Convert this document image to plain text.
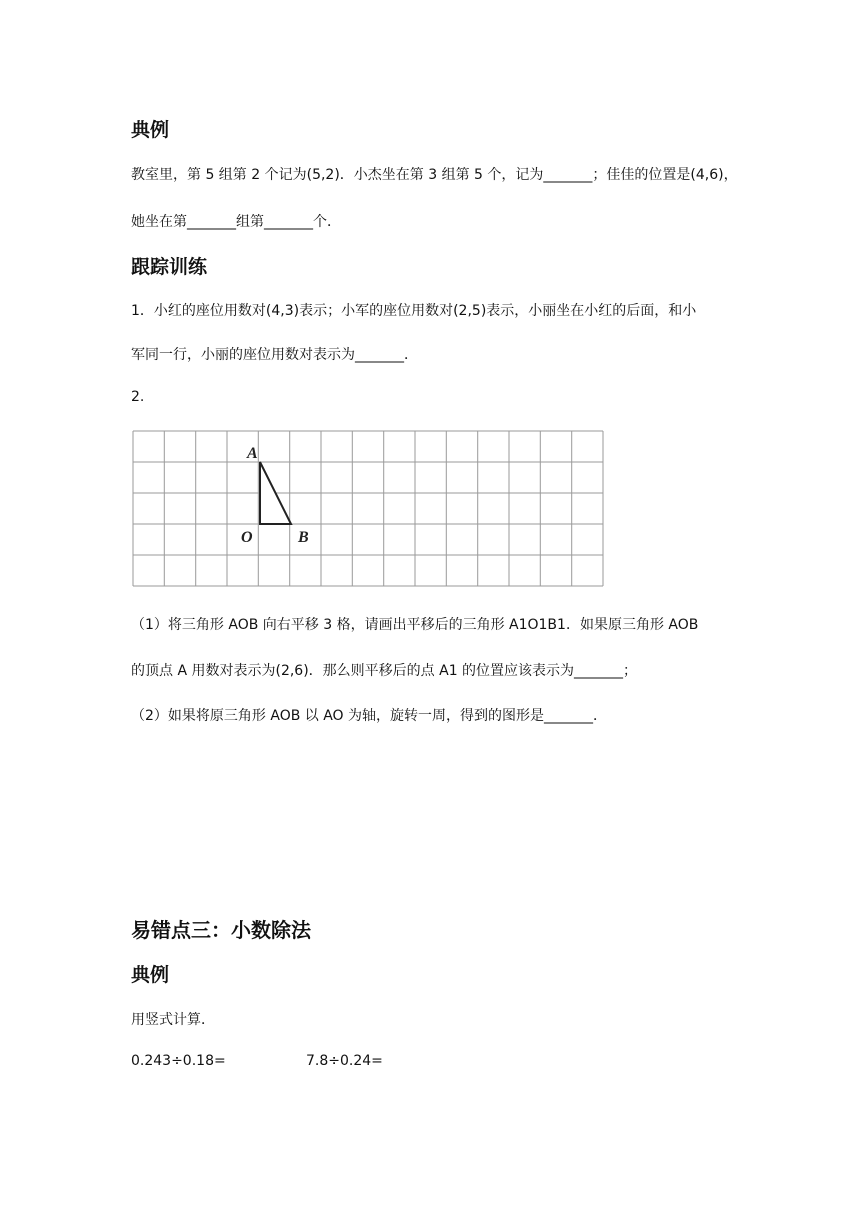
典例
教室里，第 5 组第 2 个记为(5,2)．小杰坐在第 3 组第 5 个，记为_______；佳佳的位置是(4,6)，
她坐在第_______组第_______个．
跟踪训练
1．小红的座位用数对(4,3)表示；小军的座位用数对(2,5)表示，小丽坐在小红的后面，和小
军同一行，小丽的座位用数对表示为_______．
2.
A
O	B
（1）将三角形 AOB 向右平移 3 格，请画出平移后的三角形 A1O1B1．如果原三角形 AOB
的顶点 A 用数对表示为(2,6)．那么则平移后的点 A1 的位置应该表示为_______；
（2）如果将原三角形 AOB 以 AO 为轴，旋转一周，得到的图形是_______．
易错点三：小数除法
典例
用竖式计算．
0.243÷0.18=	7.8÷0.24=
